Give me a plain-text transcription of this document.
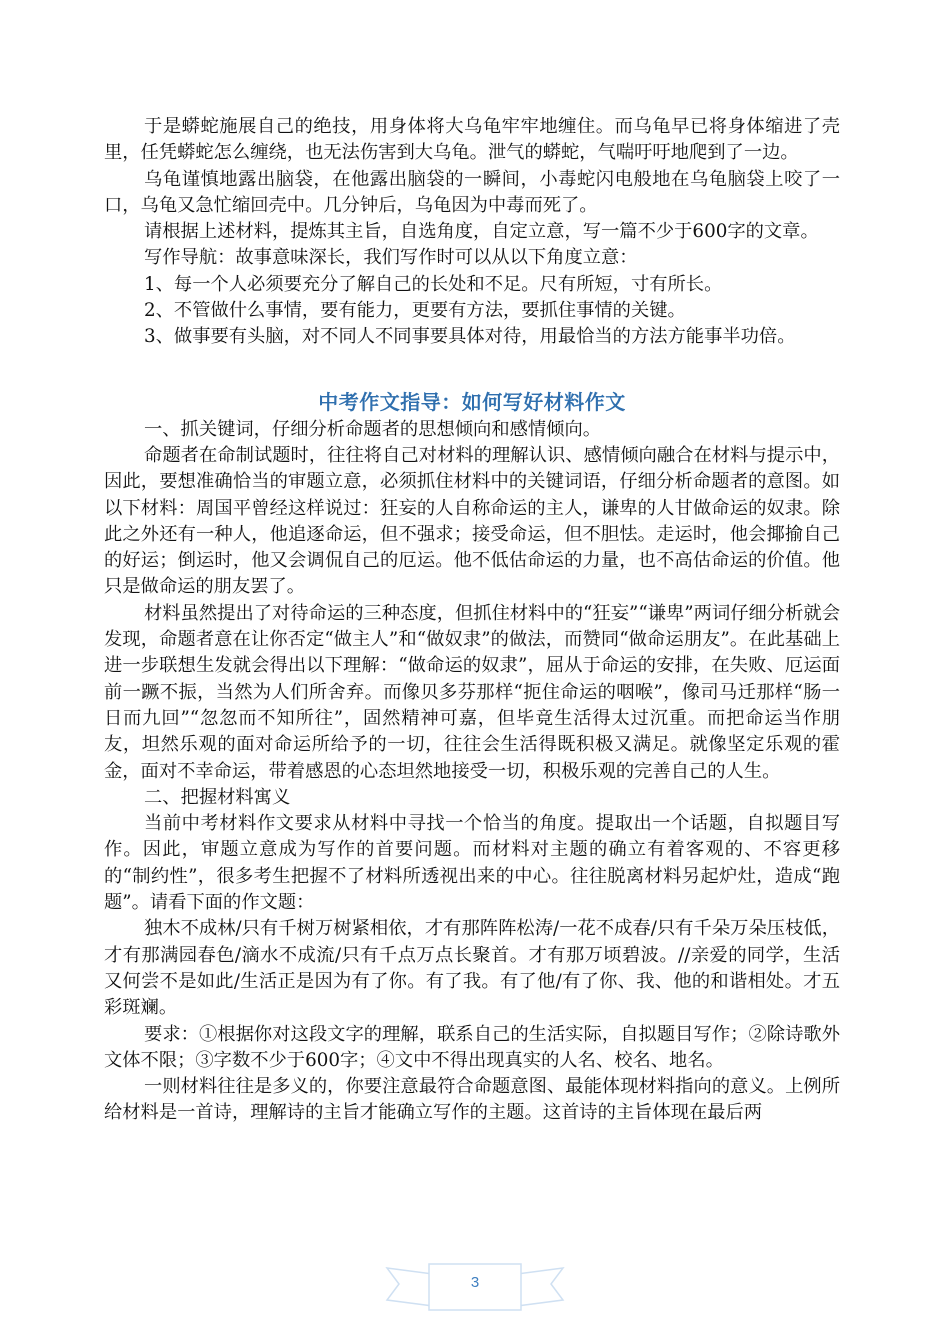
于是蟒蛇施展自己的绝技，用身体将大乌龟牢牢地缠住。而乌龟早已将身体缩进了壳里，任凭蟒蛇怎么缠绕，也无法伤害到大乌龟。泄气的蟒蛇，气喘吁吁地爬到了一边。

乌龟谨慎地露出脑袋，在他露出脑袋的一瞬间，小毒蛇闪电般地在乌龟脑袋上咬了一口，乌龟又急忙缩回壳中。几分钟后，乌龟因为中毒而死了。

请根据上述材料，提炼其主旨，自选角度，自定立意，写一篇不少于600字的文章。

写作导航：故事意味深长，我们写作时可以从以下角度立意：

1、每一个人必须要充分了解自己的长处和不足。尺有所短，寸有所长。

2、不管做什么事情，要有能力，更要有方法，要抓住事情的关键。

3、做事要有头脑，对不同人不同事要具体对待，用最恰当的方法方能事半功倍。

中考作文指导：如何写好材料作文

一、抓关键词，仔细分析命题者的思想倾向和感情倾向。

命题者在命制试题时，往往将自己对材料的理解认识、感情倾向融合在材料与提示中，因此，要想准确恰当的审题立意，必须抓住材料中的关键词语，仔细分析命题者的意图。如以下材料：周国平曾经这样说过：狂妄的人自称命运的主人，谦卑的人甘做命运的奴隶。除此之外还有一种人，他追逐命运，但不强求；接受命运，但不胆怯。走运时，他会揶揄自己的好运；倒运时，他又会调侃自己的厄运。他不低估命运的力量，也不高估命运的价值。他只是做命运的朋友罢了。

材料虽然提出了对待命运的三种态度，但抓住材料中的“狂妄”“谦卑”两词仔细分析就会发现，命题者意在让你否定“做主人”和“做奴隶”的做法，而赞同“做命运朋友”。在此基础上进一步联想生发就会得出以下理解：“做命运的奴隶”，屈从于命运的安排，在失败、厄运面前一蹶不振，当然为人们所舍弃。而像贝多芬那样“扼住命运的咽喉”，像司马迁那样“肠一日而九回”“忽忽而不知所往”，固然精神可嘉，但毕竟生活得太过沉重。而把命运当作朋友，坦然乐观的面对命运所给予的一切，往往会生活得既积极又满足。就像坚定乐观的霍金，面对不幸命运，带着感恩的心态坦然地接受一切，积极乐观的完善自己的人生。

二、把握材料寓义

当前中考材料作文要求从材料中寻找一个恰当的角度。提取出一个话题，自拟题目写作。因此，审题立意成为写作的首要问题。而材料对主题的确立有着客观的、不容更移的“制约性”，很多考生把握不了材料所透视出来的中心。往往脱离材料另起炉灶，造成“跑题”。请看下面的作文题：

独木不成林/只有千树万树紧相依，才有那阵阵松涛/一花不成春/只有千朵万朵压枝低，才有那满园春色/滴水不成流/只有千点万点长聚首。才有那万顷碧波。//亲爱的同学，生活又何尝不是如此/生活正是因为有了你。有了我。有了他/有了你、我、他的和谐相处。才五彩斑斓。

要求：①根据你对这段文字的理解，联系自己的生活实际，自拟题目写作；②除诗歌外文体不限；③字数不少于600字；④文中不得出现真实的人名、校名、地名。

一则材料往往是多义的，你要注意最符合命题意图、最能体现材料指向的意义。上例所给材料是一首诗，理解诗的主旨才能确立写作的主题。这首诗的主旨体现在最后两

3
